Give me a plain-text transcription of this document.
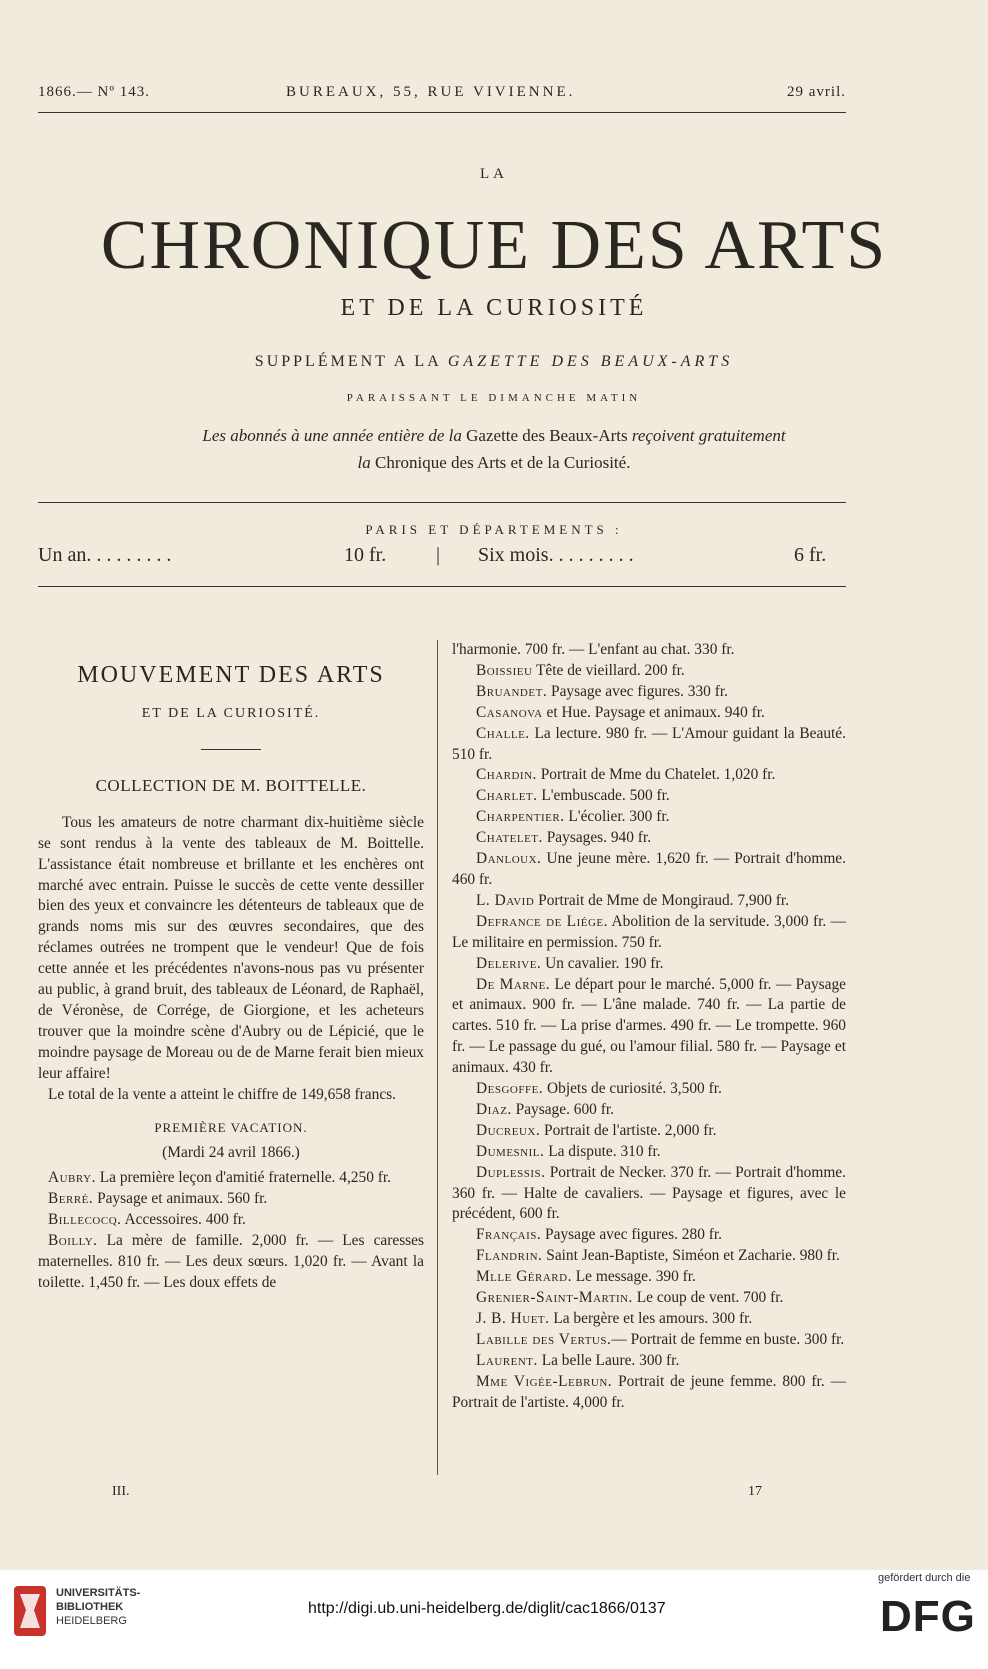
1866.— Nº 143.	BUREAUX, 55, RUE VIVIENNE.	29 avril.
LA
CHRONIQUE DES ARTS
ET DE LA CURIOSITÉ
SUPPLÉMENT A LA GAZETTE DES BEAUX-ARTS
PARAISSANT LE DIMANCHE MATIN
Les abonnés à une année entière de la Gazette des Beaux-Arts reçoivent gratuitement
la Chronique des Arts et de la Curiosité.
PARIS ET DÉPARTEMENTS :
Un an. . . . . . . . .	10 fr. | Six mois. . . . . . . . .	6 fr.
MOUVEMENT DES ARTS
ET DE LA CURIOSITÉ.
COLLECTION DE M. BOITTELLE.

Tous les amateurs de notre charmant dix-huitième siècle se sont rendus à la vente des tableaux de M. Boittelle. L'assistance était nombreuse et brillante et les enchères ont marché avec entrain. Puisse le succès de cette vente dessiller bien des yeux et convaincre les détenteurs de tableaux que de grands noms mis sur des œuvres secondaires, que des réclames outrées ne trompent que le vendeur! Que de fois cette année et les précédentes n'avons-nous pas vu présenter au public, à grand bruit, des tableaux de Léonard, de Raphaël, de Véronèse, de Corrége, de Giorgione, et les acheteurs trouver que la moindre scène d'Aubry ou de Lépicié, que le moindre paysage de Moreau ou de de Marne ferait bien mieux leur affaire!

Le total de la vente a atteint le chiffre de 149,658 francs.

PREMIÈRE VACATION.
(Mardi 24 avril 1866.)

Aubry. La première leçon d'amitié fraternelle. 4,250 fr.

Berré. Paysage et animaux. 560 fr.

Billecocq. Accessoires. 400 fr.

Boilly. La mère de famille. 2,000 fr. — Les caresses maternelles. 810 fr. — Les deux sœurs. 1,020 fr. — Avant la toilette. 1,450 fr. — Les doux effets de

l'harmonie. 700 fr. — L'enfant au chat. 330 fr.

Boissieu Tête de vieillard. 200 fr.

Bruandet. Paysage avec figures. 330 fr.

Casanova et Hue. Paysage et animaux. 940 fr.

Challe. La lecture. 980 fr. — L'Amour guidant la Beauté. 510 fr.

Chardin. Portrait de Mme du Chatelet. 1,020 fr.

Charlet. L'embuscade. 500 fr.

Charpentier. L'écolier. 300 fr.

Chatelet. Paysages. 940 fr.

Danloux. Une jeune mère. 1,620 fr. — Portrait d'homme. 460 fr.

L. David Portrait de Mme de Mongiraud. 7,900 fr.

Defrance de Liége. Abolition de la servitude. 3,000 fr. — Le militaire en permission. 750 fr.

Delerive. Un cavalier. 190 fr.

De Marne. Le départ pour le marché. 5,000 fr. — Paysage et animaux. 900 fr. — L'âne malade. 740 fr. — La partie de cartes. 510 fr. — La prise d'armes. 490 fr. — Le trompette. 960 fr. — Le passage du gué, ou l'amour filial. 580 fr. — Paysage et animaux. 430 fr.

Desgoffe. Objets de curiosité. 3,500 fr.

Diaz. Paysage. 600 fr.

Ducreux. Portrait de l'artiste. 2,000 fr.

Dumesnil. La dispute. 310 fr.

Duplessis. Portrait de Necker. 370 fr. — Portrait d'homme. 360 fr. — Halte de cavaliers. — Paysage et figures, avec le précédent, 600 fr.

Français. Paysage avec figures. 280 fr.

Flandrin. Saint Jean-Baptiste, Siméon et Zacharie. 980 fr.

Mlle Gérard. Le message. 390 fr.

Grenier-Saint-Martin. Le coup de vent. 700 fr.

J. B. Huet. La bergère et les amours. 300 fr.

Labille des Vertus.— Portrait de femme en buste. 300 fr.

Laurent. La belle Laure. 300 fr.

Mme Vigée-Lebrun. Portrait de jeune femme. 800 fr. — Portrait de l'artiste. 4,000 fr.

III.	17
UNIVERSITÄTS-
BIBLIOTHEK
HEIDELBERG
http://digi.ub.uni-heidelberg.de/diglit/cac1866/0137
gefördert durch die
DFG
